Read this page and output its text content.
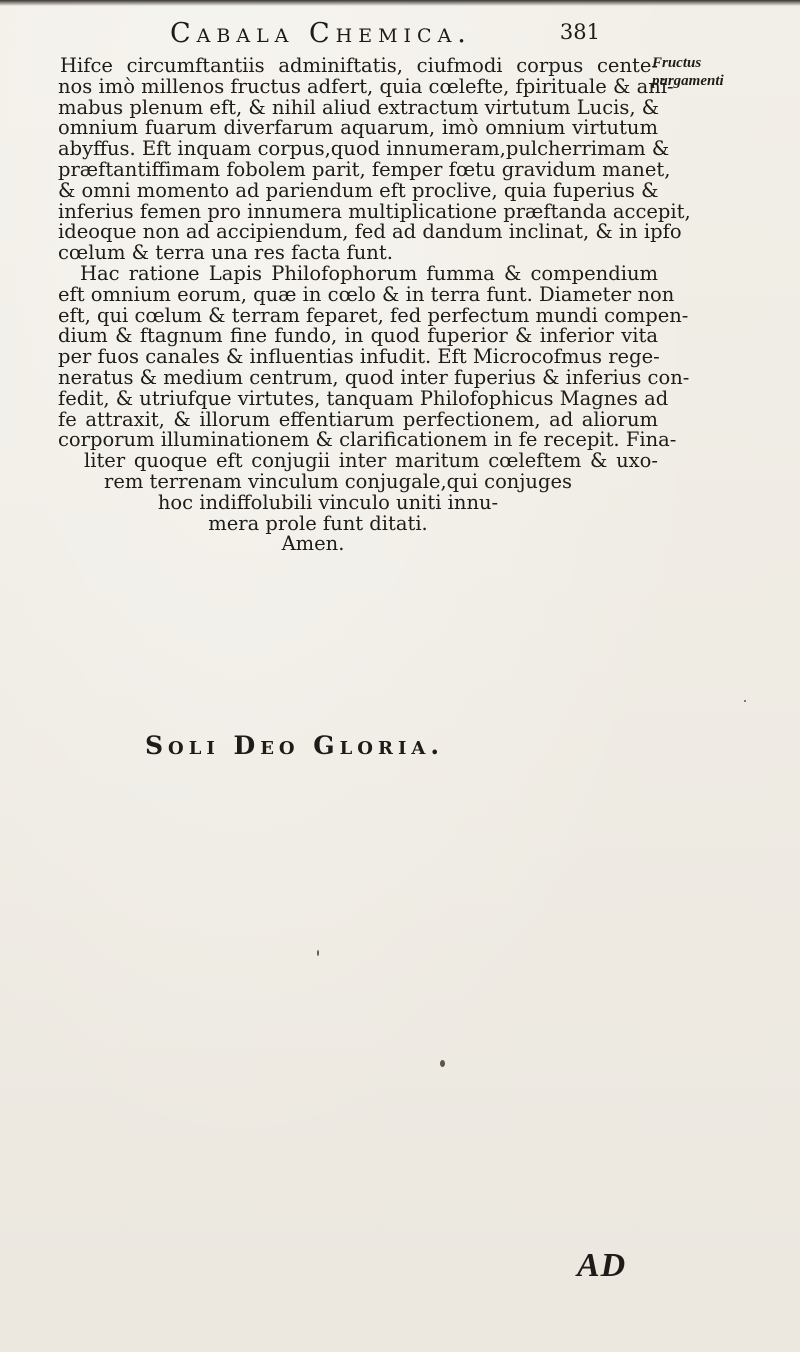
Cabala Chemica.	381
Fructus
purgamenti
Hifce circumftantiis adminiftatis, ciufmodi corpus cente-
nos imò millenos fructus adfert, quia cœlefte, fpirituale & ani-
mabus plenum eft, & nihil aliud extractum virtutum Lucis, &
omnium fuarum diverfarum aquarum, imò omnium virtutum
abyffus. Eft inquam corpus,quod innumeram,pulcherrimam &
præftantiffimam fobolem parit, femper fœtu gravidum manet,
& omni momento ad pariendum eft proclive, quia fuperius &
inferius femen pro innumera multiplicatione præftanda accepit,
ideoque non ad accipiendum, fed ad dandum inclinat, & in ipfo
cœlum & terra una res facta funt.
Hac ratione Lapis Philofophorum fumma & compendium
eft omnium eorum, quæ in cœlo & in terra funt. Diameter non
eft, qui cœlum & terram feparet, fed perfectum mundi compen-
dium & ftagnum fine fundo, in quod fuperior & inferior vita
per fuos canales & influentias infudit. Eft Microcofmus rege-
neratus & medium centrum, quod inter fuperius & inferius con-
fedit, & utriufque virtutes, tanquam Philofophicus Magnes ad
fe attraxit, & illorum effentiarum perfectionem, ad aliorum
corporum illuminationem & clarificationem in fe recepit. Fina-
liter quoque eft conjugii inter maritum cœleftem & uxo-
rem terrenam vinculum conjugale,qui conjuges
hoc indiffolubili vinculo uniti innu-
mera prole funt ditati.
Amen.
Soli Deo Gloria.
AD
